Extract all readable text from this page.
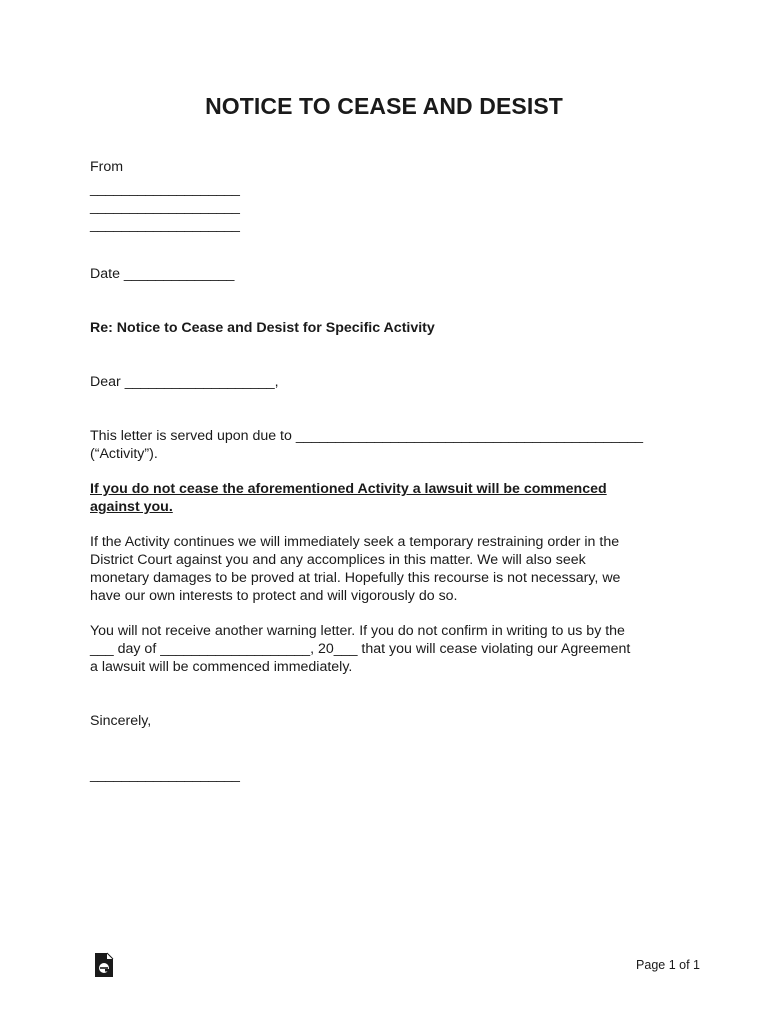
NOTICE TO CEASE AND DESIST
From
___________________
___________________
___________________
Date ______________
Re: Notice to Cease and Desist for Specific Activity
Dear ___________________,
This letter is served upon due to ____________________________________________
(“Activity”).
If you do not cease the aforementioned Activity a lawsuit will be commenced
against you.
If the Activity continues we will immediately seek a temporary restraining order in the
District Court against you and any accomplices in this matter. We will also seek
monetary damages to be proved at trial. Hopefully this recourse is not necessary, we
have our own interests to protect and will vigorously do so.
You will not receive another warning letter. If you do not confirm in writing to us by the
___ day of ___________________, 20___ that you will cease violating our Agreement
a lawsuit will be commenced immediately.
Sincerely,
___________________
Page 1 of 1
